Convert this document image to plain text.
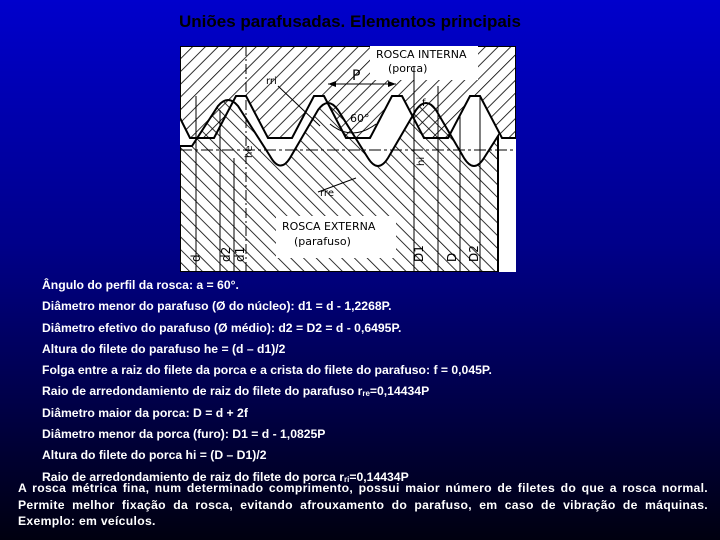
Uniões parafusadas. Elementos principais
ROSCA INTERNA
(porca)
ROSCA EXTERNA
(parafuso)
P
60°
rri
rre
f
he
hi
d d2 d1	D1 D D2
Ângulo do perfil da rosca: a = 60°.
Diâmetro menor do parafuso (Ø do núcleo): d1 = d - 1,2268P.
Diâmetro efetivo do parafuso (Ø médio): d2 = D2 = d - 0,6495P.
Altura do filete do parafuso he = (d – d1)/2
Folga entre a raiz do filete da porca e a crista do filete do parafuso: f = 0,045P.
Raio de arredondamiento de raiz do filete do parafuso $r_{re}=0,14434P$
Diâmetro maior da porca: D = d + 2f
Diâmetro menor da porca (furo): D1 = d - 1,0825P
Altura do filete do porca hi = (D – D1)/2
Raio de arredondamiento de raiz do filete do porca $r_{ri}=0,14434P$
A rosca métrica fina, num determinado comprimento, possui maior número de filetes do que a rosca normal. Permite melhor fixação da rosca, evitando afrouxamento do parafuso, em caso de vibração de máquinas. Exemplo: em veículos.
